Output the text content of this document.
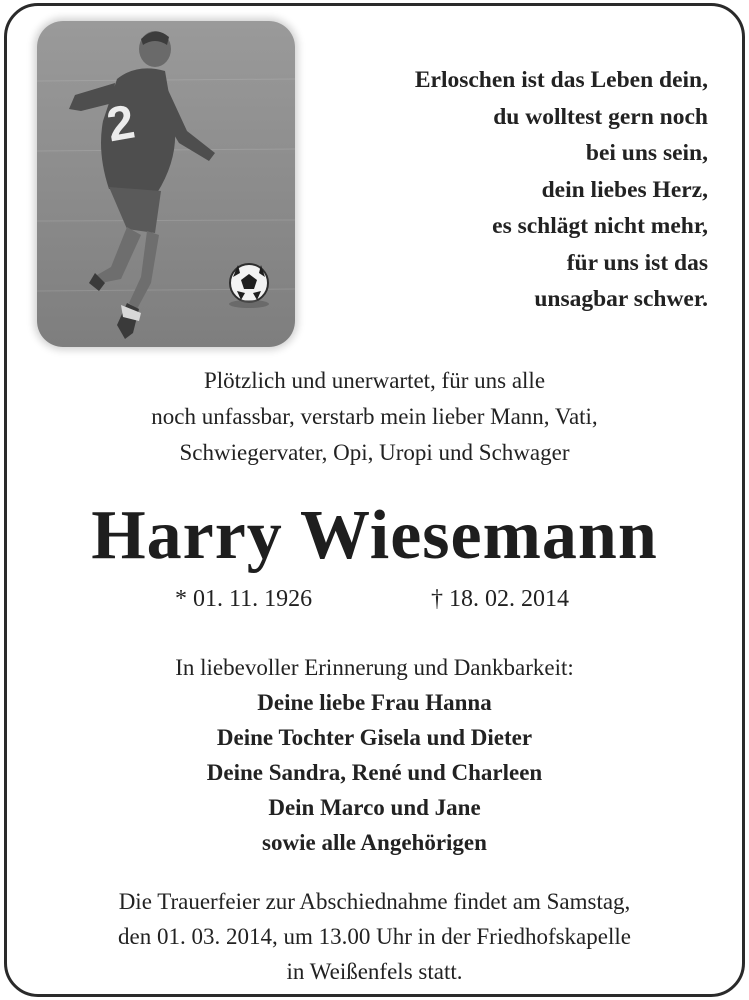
2
Erloschen ist das Leben dein,
du wolltest gern noch
bei uns sein,
dein liebes Herz,
es schlägt nicht mehr,
für uns ist das
unsagbar schwer.
Plötzlich und unerwartet, für uns alle
noch unfassbar, verstarb mein lieber Mann, Vati,
Schwiegervater, Opi, Uropi und Schwager
Harry Wiesemann
* 01. 11. 1926	† 18. 02. 2014
In liebevoller Erinnerung und Dankbarkeit:
Deine liebe Frau Hanna
Deine Tochter Gisela und Dieter
Deine Sandra, René und Charleen
Dein Marco und Jane
sowie alle Angehörigen
Die Trauerfeier zur Abschiednahme findet am Samstag,
den 01. 03. 2014, um 13.00 Uhr in der Friedhofskapelle
in Weißenfels statt.
